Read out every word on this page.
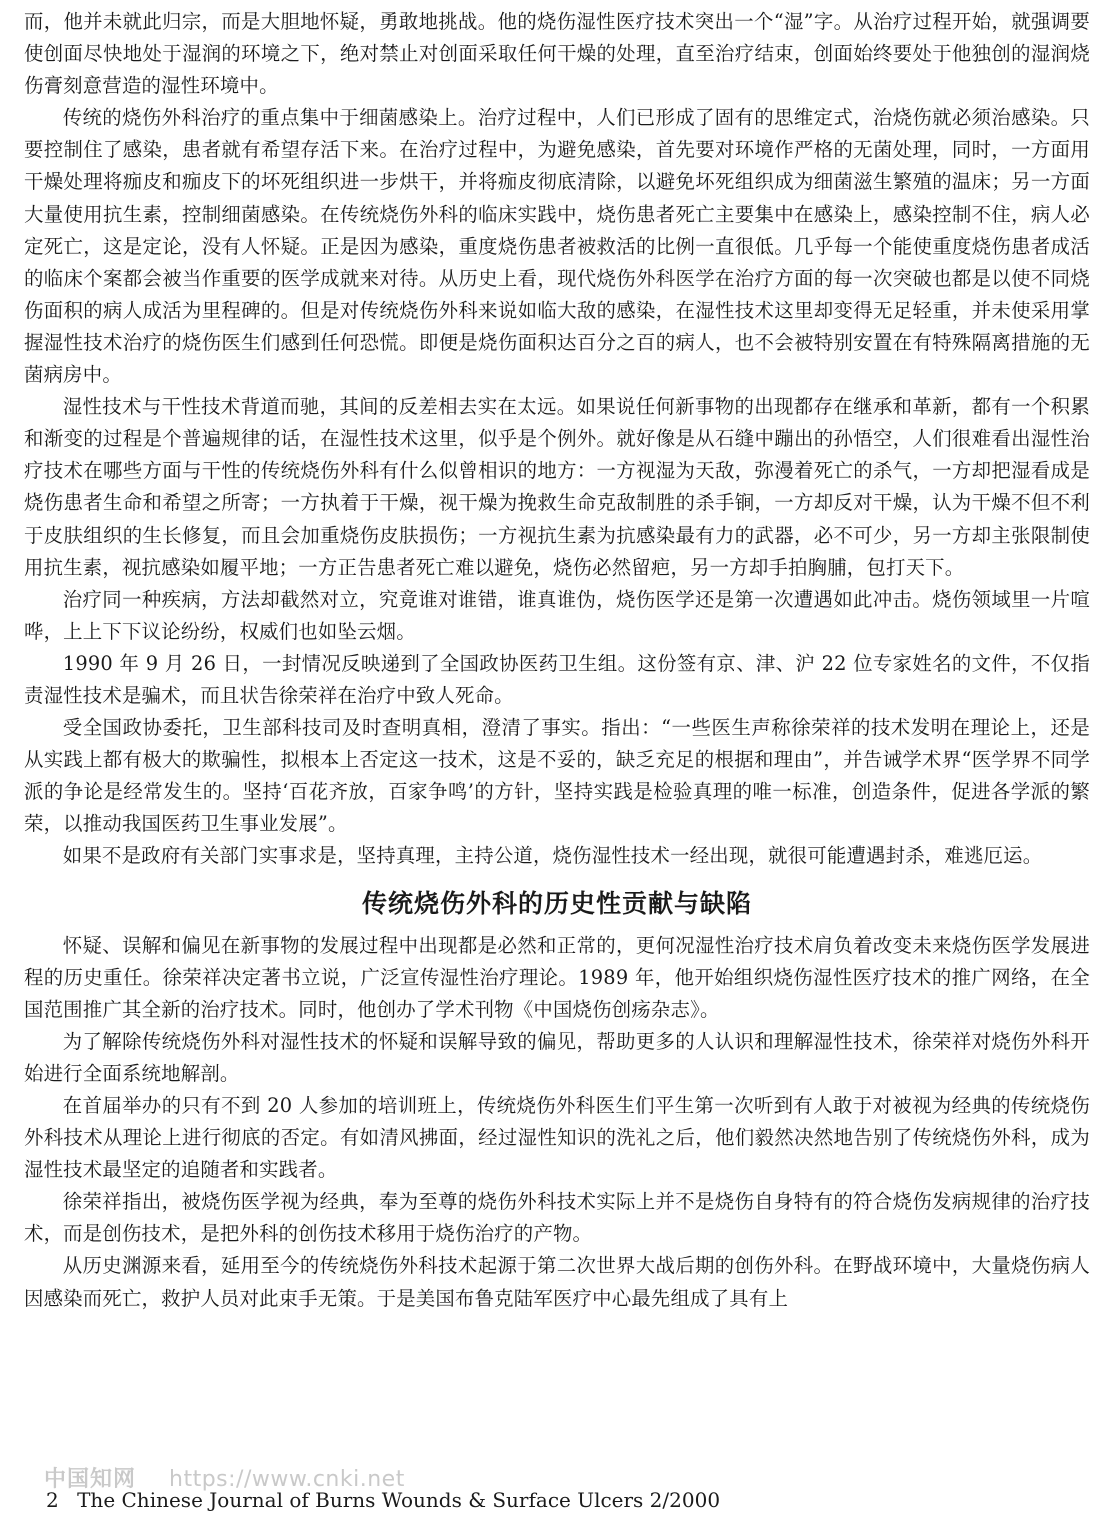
而，他并未就此归宗，而是大胆地怀疑，勇敢地挑战。他的烧伤湿性医疗技术突出一个“湿”字。从治疗过程开始，就强调要使创面尽快地处于湿润的环境之下，绝对禁止对创面采取任何干燥的处理，直至治疗结束，创面始终要处于他独创的湿润烧伤膏刻意营造的湿性环境中。

传统的烧伤外科治疗的重点集中于细菌感染上。治疗过程中，人们已形成了固有的思维定式，治烧伤就必须治感染。只要控制住了感染，患者就有希望存活下来。在治疗过程中，为避免感染，首先要对环境作严格的无菌处理，同时，一方面用干燥处理将痂皮和痂皮下的坏死组织进一步烘干，并将痂皮彻底清除，以避免坏死组织成为细菌滋生繁殖的温床；另一方面大量使用抗生素，控制细菌感染。在传统烧伤外科的临床实践中，烧伤患者死亡主要集中在感染上，感染控制不住，病人必定死亡，这是定论，没有人怀疑。正是因为感染，重度烧伤患者被救活的比例一直很低。几乎每一个能使重度烧伤患者成活的临床个案都会被当作重要的医学成就来对待。从历史上看，现代烧伤外科医学在治疗方面的每一次突破也都是以使不同烧伤面积的病人成活为里程碑的。但是对传统烧伤外科来说如临大敌的感染，在湿性技术这里却变得无足轻重，并未使采用掌握湿性技术治疗的烧伤医生们感到任何恐慌。即便是烧伤面积达百分之百的病人，也不会被特别安置在有特殊隔离措施的无菌病房中。

湿性技术与干性技术背道而驰，其间的反差相去实在太远。如果说任何新事物的出现都存在继承和革新，都有一个积累和渐变的过程是个普遍规律的话，在湿性技术这里，似乎是个例外。就好像是从石缝中蹦出的孙悟空，人们很难看出湿性治疗技术在哪些方面与干性的传统烧伤外科有什么似曾相识的地方：一方视湿为天敌，弥漫着死亡的杀气，一方却把湿看成是烧伤患者生命和希望之所寄；一方执着于干燥，视干燥为挽救生命克敌制胜的杀手锏，一方却反对干燥，认为干燥不但不利于皮肤组织的生长修复，而且会加重烧伤皮肤损伤；一方视抗生素为抗感染最有力的武器，必不可少，另一方却主张限制使用抗生素，视抗感染如履平地；一方正告患者死亡难以避免，烧伤必然留疤，另一方却手拍胸脯，包打天下。

治疗同一种疾病，方法却截然对立，究竟谁对谁错，谁真谁伪，烧伤医学还是第一次遭遇如此冲击。烧伤领域里一片喧哗，上上下下议论纷纷，权威们也如坠云烟。

1990 年 9 月 26 日，一封情况反映递到了全国政协医药卫生组。这份签有京、津、沪 22 位专家姓名的文件，不仅指责湿性技术是骗术，而且状告徐荣祥在治疗中致人死命。

受全国政协委托，卫生部科技司及时查明真相，澄清了事实。指出：“一些医生声称徐荣祥的技术发明在理论上，还是从实践上都有极大的欺骗性，拟根本上否定这一技术，这是不妥的，缺乏充足的根据和理由”，并告诫学术界“医学界不同学派的争论是经常发生的。坚持‘百花齐放，百家争鸣’的方针，坚持实践是检验真理的唯一标准，创造条件，促进各学派的繁荣，以推动我国医药卫生事业发展”。

如果不是政府有关部门实事求是，坚持真理，主持公道，烧伤湿性技术一经出现，就很可能遭遇封杀，难逃厄运。

传统烧伤外科的历史性贡献与缺陷

怀疑、误解和偏见在新事物的发展过程中出现都是必然和正常的，更何况湿性治疗技术肩负着改变未来烧伤医学发展进程的历史重任。徐荣祥决定著书立说，广泛宣传湿性治疗理论。1989 年，他开始组织烧伤湿性医疗技术的推广网络，在全国范围推广其全新的治疗技术。同时，他创办了学术刊物《中国烧伤创疡杂志》。

为了解除传统烧伤外科对湿性技术的怀疑和误解导致的偏见，帮助更多的人认识和理解湿性技术，徐荣祥对烧伤外科开始进行全面系统地解剖。

在首届举办的只有不到 20 人参加的培训班上，传统烧伤外科医生们平生第一次听到有人敢于对被视为经典的传统烧伤外科技术从理论上进行彻底的否定。有如清风拂面，经过湿性知识的洗礼之后，他们毅然决然地告别了传统烧伤外科，成为湿性技术最坚定的追随者和实践者。

徐荣祥指出，被烧伤医学视为经典，奉为至尊的烧伤外科技术实际上并不是烧伤自身特有的符合烧伤发病规律的治疗技术，而是创伤技术，是把外科的创伤技术移用于烧伤治疗的产物。

从历史渊源来看，延用至今的传统烧伤外科技术起源于第二次世界大战后期的创伤外科。在野战环境中，大量烧伤病人因感染而死亡，救护人员对此束手无策。于是美国布鲁克陆军医疗中心最先组成了具有上

中国知网 https://www.cnki.net
2 The Chinese Journal of Burns Wounds & Surface Ulcers 2/2000
